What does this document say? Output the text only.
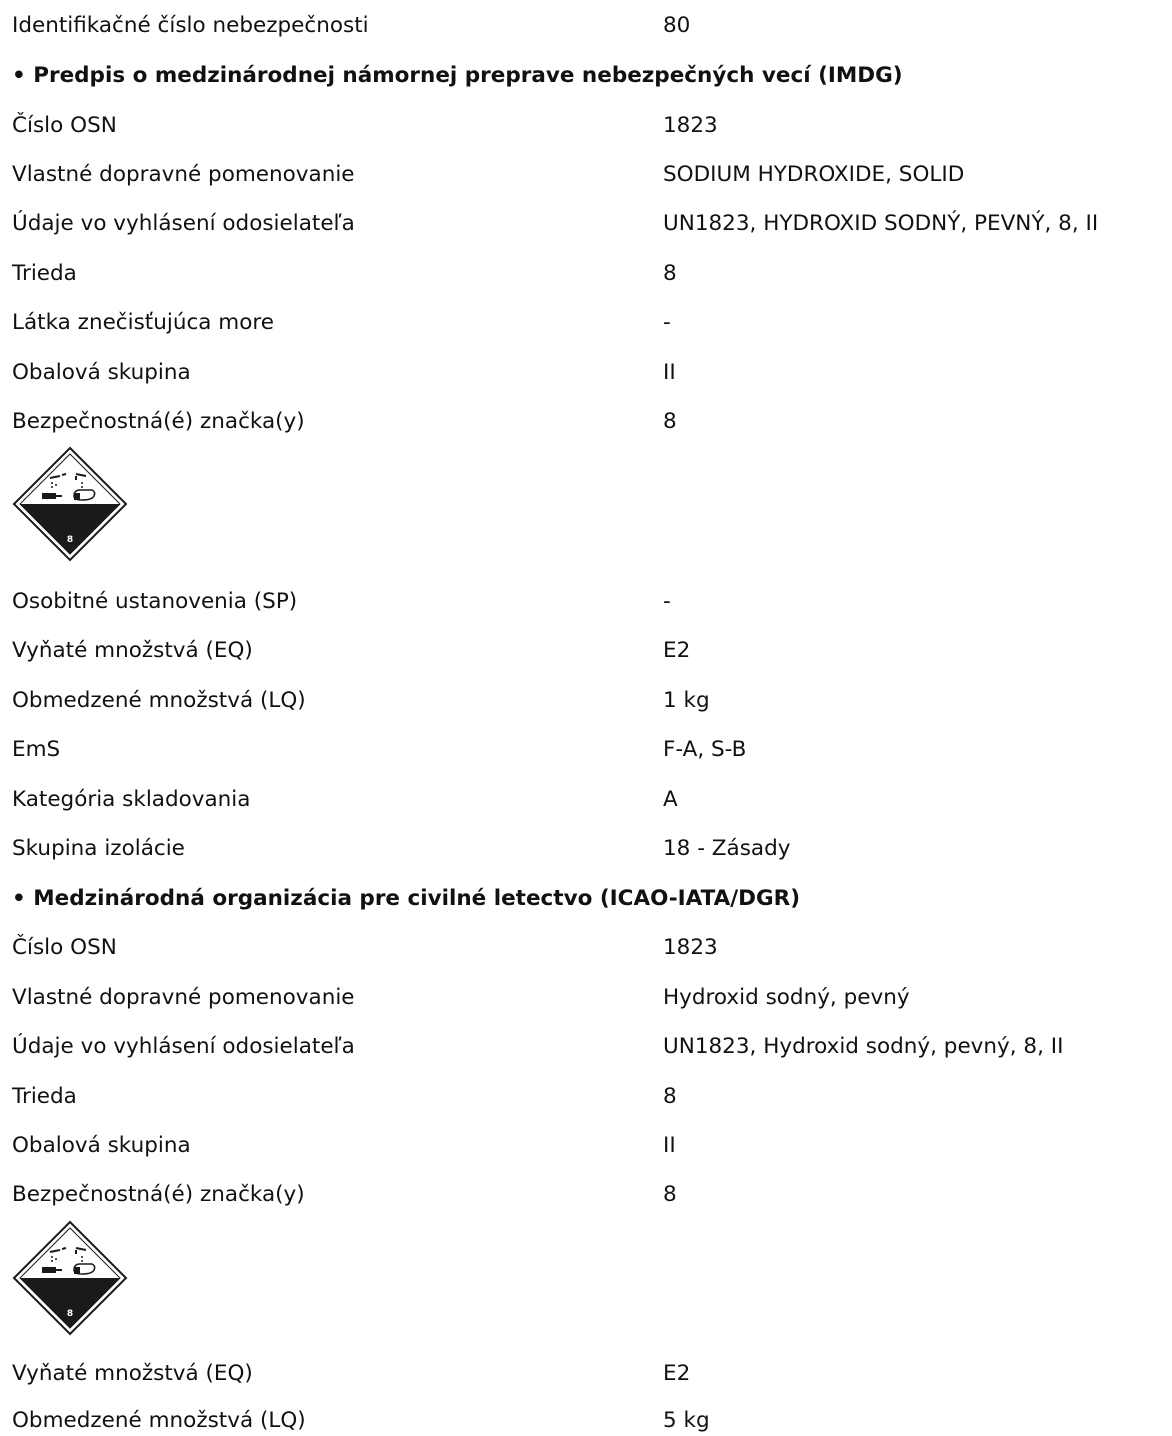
Identifikačné číslo nebezpečnosti	80
• Predpis o medzinárodnej námornej preprave nebezpečných vecí (IMDG)
Číslo OSN	1823
Vlastné dopravné pomenovanie	SODIUM HYDROXIDE, SOLID
Údaje vo vyhlásení odosielateľa	UN1823, HYDROXID SODNÝ, PEVNÝ, 8, II
Trieda	8
Látka znečisťujúca more	-
Obalová skupina	II
Bezpečnostná(é) značka(y)	8
8
Osobitné ustanovenia (SP)	-
Vyňaté množstvá (EQ)	E2
Obmedzené množstvá (LQ)	1 kg
EmS	F-A, S-B
Kategória skladovania	A
Skupina izolácie	18 - Zásady
• Medzinárodná organizácia pre civilné letectvo (ICAO-IATA/DGR)
Číslo OSN	1823
Vlastné dopravné pomenovanie	Hydroxid sodný, pevný
Údaje vo vyhlásení odosielateľa	UN1823, Hydroxid sodný, pevný, 8, II
Trieda	8
Obalová skupina	II
Bezpečnostná(é) značka(y)	8
8
Vyňaté množstvá (EQ)	E2
Obmedzené množstvá (LQ)	5 kg
